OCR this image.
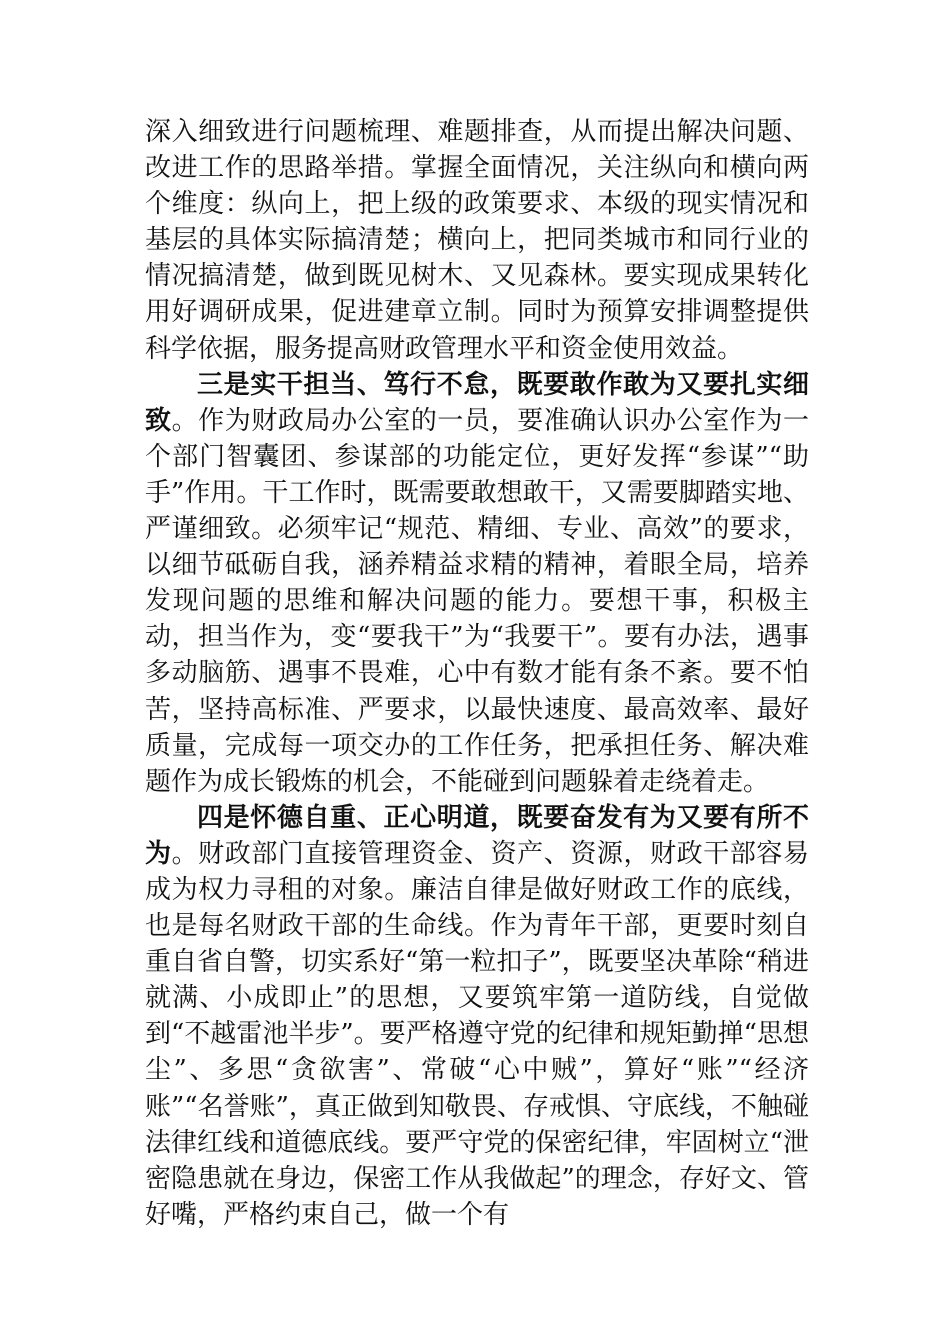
深入细致进行问题梳理、难题排查，从而提出解决问题、改进工作的思路举措。掌握全面情况，关注纵向和横向两个维度：纵向上，把上级的政策要求、本级的现实情况和基层的具体实际搞清楚；横向上，把同类城市和同行业的情况搞清楚，做到既见树木、又见森林。要实现成果转化用好调研成果，促进建章立制。同时为预算安排调整提供科学依据，服务提高财政管理水平和资金使用效益。

三是实干担当、笃行不怠，既要敢作敢为又要扎实细致。作为财政局办公室的一员，要准确认识办公室作为一个部门智囊团、参谋部的功能定位，更好发挥“参谋”“助手”作用。干工作时，既需要敢想敢干，又需要脚踏实地、严谨细致。必须牢记“规范、精细、专业、高效”的要求，以细节砥砺自我，涵养精益求精的精神，着眼全局，培养发现问题的思维和解决问题的能力。要想干事，积极主动，担当作为，变“要我干”为“我要干”。要有办法，遇事多动脑筋、遇事不畏难，心中有数才能有条不紊。要不怕苦，坚持高标准、严要求，以最快速度、最高效率、最好质量，完成每一项交办的工作任务，把承担任务、解决难题作为成长锻炼的机会，不能碰到问题躲着走绕着走。

四是怀德自重、正心明道，既要奋发有为又要有所不为。财政部门直接管理资金、资产、资源，财政干部容易成为权力寻租的对象。廉洁自律是做好财政工作的底线，也是每名财政干部的生命线。作为青年干部，更要时刻自重自省自警，切实系好“第一粒扣子”，既要坚决革除“稍进就满、小成即止”的思想，又要筑牢第一道防线，自觉做到“不越雷池半步”。要严格遵守党的纪律和规矩勤掸“思想尘”、多思“贪欲害”、常破“心中贼”，算好“账”“经济账”“名誉账”，真正做到知敬畏、存戒惧、守底线，不触碰法律红线和道德底线。要严守党的保密纪律，牢固树立“泄密隐患就在身边，保密工作从我做起”的理念，存好文、管好嘴，严格约束自己，做一个有
